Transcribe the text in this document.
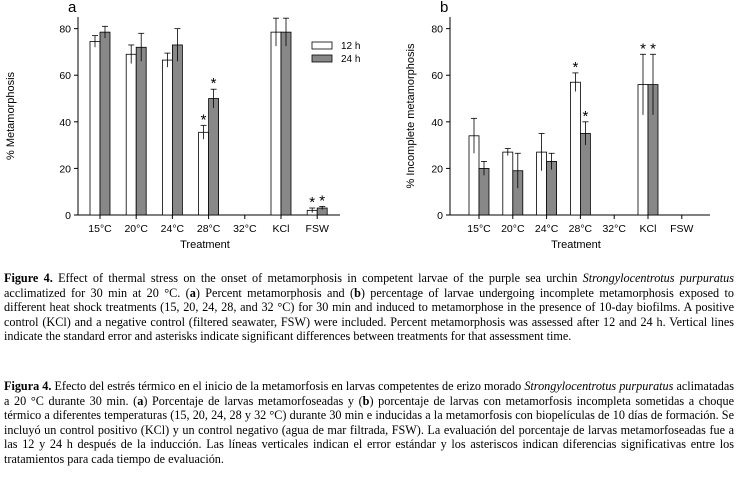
a
0
20
40
60
80
% Metamorphosis
15°C 20°C 24°C 28°C
*
*
32°C KCl FSW
* *
Treatment
12 h
24 h
b
0
20
40
60
80
% Incomplete metamorphosis
15°C 20°C 24°C 28°C
*
*
32°C KCl
* *
FSW
Treatment

Figure 4. Effect of thermal stress on the onset of metamorphosis in competent larvae of the purple sea urchin Strongylocentrotus purpuratus acclimatized for 30 min at 20 °C. (a) Percent metamorphosis and (b) percentage of larvae undergoing incomplete metamorphosis exposed to different heat shock treatments (15, 20, 24, 28, and 32 °C) for 30 min and induced to metamorphose in the presence of 10-day biofilms. A positive control (KCl) and a negative control (filtered seawater, FSW) were included. Percent metamorphosis was assessed after 12 and 24 h. Vertical lines indicate the standard error and asterisks indicate significant differences between treatments for that assessment time.

Figura 4. Efecto del estrés térmico en el inicio de la metamorfosis en larvas competentes de erizo morado Strongylocentrotus purpuratus aclimatadas a 20 °C durante 30 min. (a) Porcentaje de larvas metamorfoseadas y (b) porcentaje de larvas con metamorfosis incompleta sometidas a choque térmico a diferentes temperaturas (15, 20, 24, 28 y 32 °C) durante 30 min e inducidas a la metamorfosis con biopelículas de 10 días de formación. Se incluyó un control positivo (KCl) y un control negativo (agua de mar filtrada, FSW). La evaluación del porcentaje de larvas metamorfoseadas fue a las 12 y 24 h después de la inducción. Las líneas verticales indican el error estándar y los asteriscos indican diferencias significativas entre los tratamientos para cada tiempo de evaluación.
